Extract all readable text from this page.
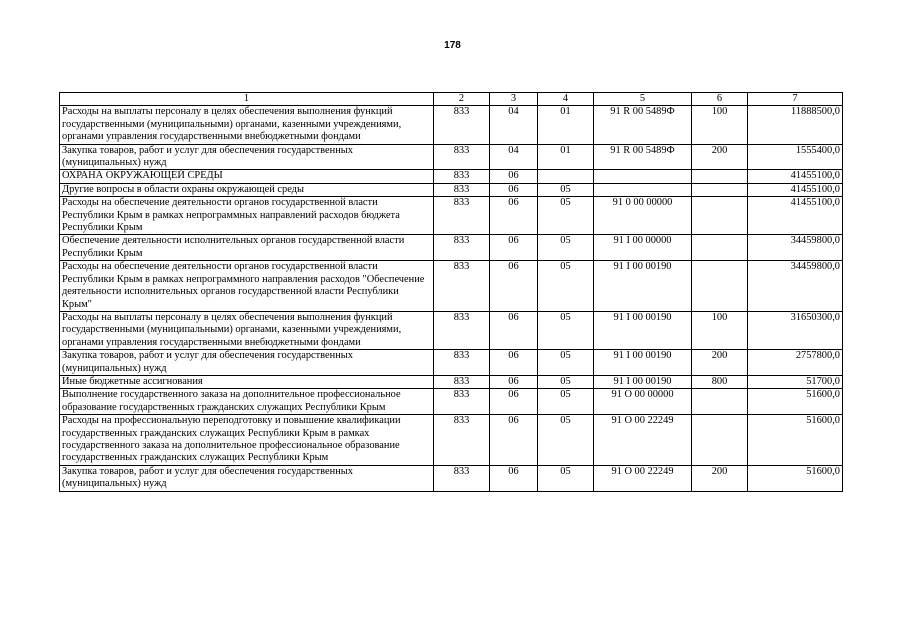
178
1	2	3	4	5	6	7
Расходы на выплаты персоналу в целях обеспечения выполнения функций государственными (муниципальными) органами, казенными учреждениями, органами управления государственными внебюджетными фондами	833	04	01	91 R 00 5489Ф	100	11888500,0
Закупка товаров, работ и услуг для обеспечения государственных (муниципальных) нужд	833	04	01	91 R 00 5489Ф	200	1555400,0
ОХРАНА ОКРУЖАЮЩЕЙ СРЕДЫ	833	06				41455100,0
Другие вопросы в области охраны окружающей среды	833	06	05			41455100,0
Расходы на обеспечение деятельности органов государственной власти Республики Крым в рамках непрограммных направлений расходов бюджета Республики Крым	833	06	05	91 0 00 00000		41455100,0
Обеспечение деятельности исполнительных органов государственной власти Республики Крым	833	06	05	91 I 00 00000		34459800,0
Расходы на обеспечение деятельности органов государственной власти Республики Крым в рамках непрограммного направления расходов "Обеспечение деятельности исполнительных органов государственной власти Республики Крым"	833	06	05	91 I 00 00190		34459800,0
Расходы на выплаты персоналу в целях обеспечения выполнения функций государственными (муниципальными) органами, казенными учреждениями, органами управления государственными внебюджетными фондами	833	06	05	91 I 00 00190	100	31650300,0
Закупка товаров, работ и услуг для обеспечения государственных (муниципальных) нужд	833	06	05	91 I 00 00190	200	2757800,0
Иные бюджетные ассигнования	833	06	05	91 I 00 00190	800	51700,0
Выполнение государственного заказа на дополнительное профессиональное образование государственных гражданских служащих Республики Крым	833	06	05	91 О 00 00000		51600,0
Расходы на профессиональную переподготовку и повышение квалификации государственных гражданских служащих Республики Крым в рамках государственного заказа на дополнительное профессиональное образование государственных гражданских служащих Республики Крым	833	06	05	91 О 00 22249		51600,0
Закупка товаров, работ и услуг для обеспечения государственных (муниципальных) нужд	833	06	05	91 О 00 22249	200	51600,0
